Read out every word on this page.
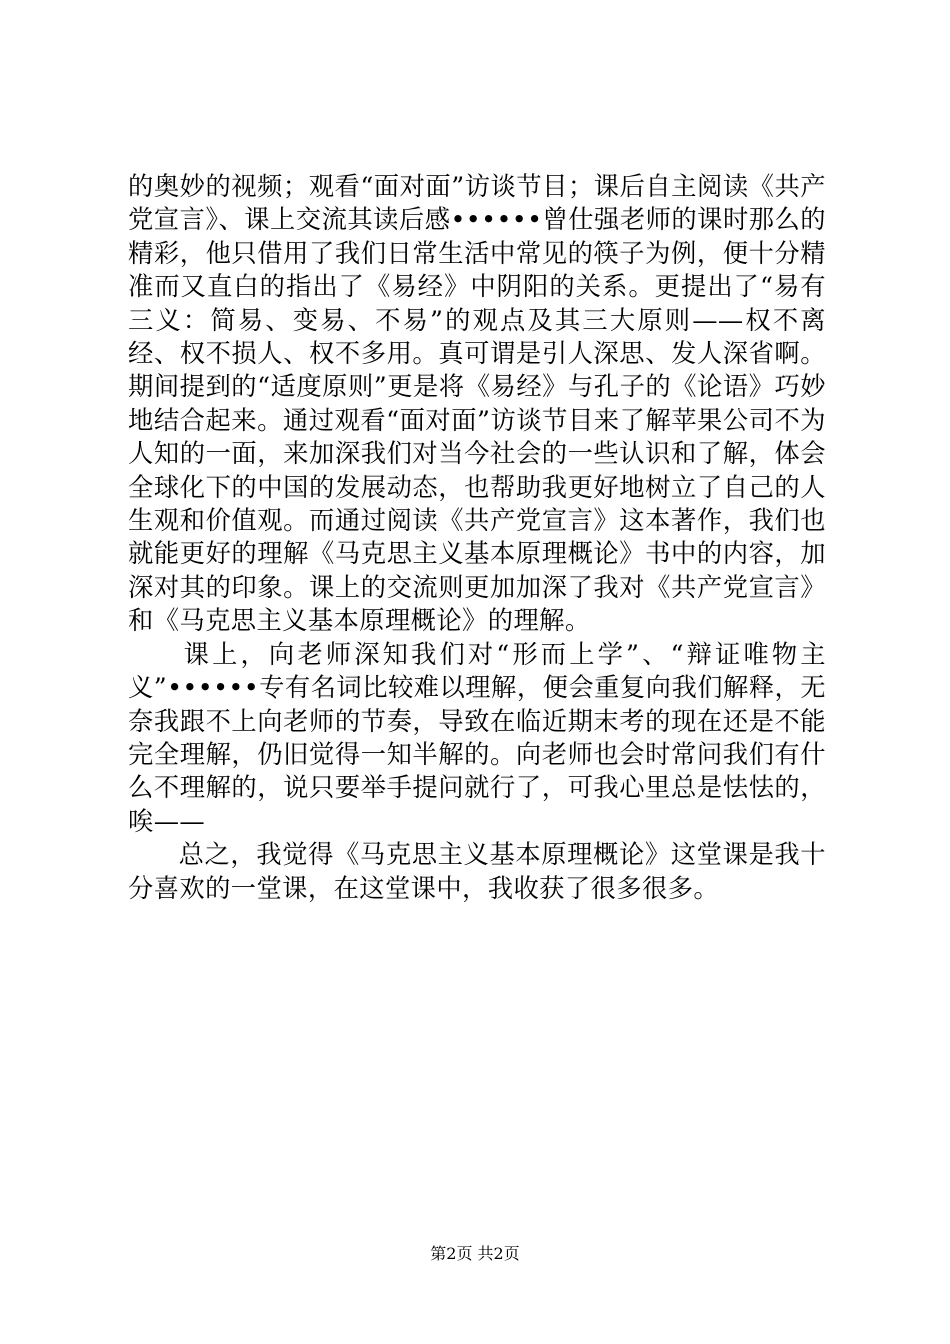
的奥妙的视频；观看“面对面”访谈节目；课后自主阅读《共产党宣言》、课上交流其读后感••••••曾仕强老师的课时那么的精彩，他只借用了我们日常生活中常见的筷子为例，便十分精准而又直白的指出了《易经》中阴阳的关系。更提出了“易有三义：简易、变易、不易”的观点及其三大原则——权不离经、权不损人、权不多用。真可谓是引人深思、发人深省啊。期间提到的“适度原则”更是将《易经》与孔子的《论语》巧妙地结合起来。通过观看“面对面”访谈节目来了解苹果公司不为人知的一面，来加深我们对当今社会的一些认识和了解，体会全球化下的中国的发展动态，也帮助我更好地树立了自己的人生观和价值观。而通过阅读《共产党宣言》这本著作，我们也就能更好的理解《马克思主义基本原理概论》书中的内容，加深对其的印象。课上的交流则更加加深了我对《共产党宣言》和《马克思主义基本原理概论》的理解。

课上，向老师深知我们对“形而上学”、“辩证唯物主义”••••••专有名词比较难以理解，便会重复向我们解释，无奈我跟不上向老师的节奏，导致在临近期末考的现在还是不能完全理解，仍旧觉得一知半解的。向老师也会时常问我们有什么不理解的，说只要举手提问就行了，可我心里总是怯怯的，唉——

总之，我觉得《马克思主义基本原理概论》这堂课是我十分喜欢的一堂课，在这堂课中，我收获了很多很多。

第2页 共2页
